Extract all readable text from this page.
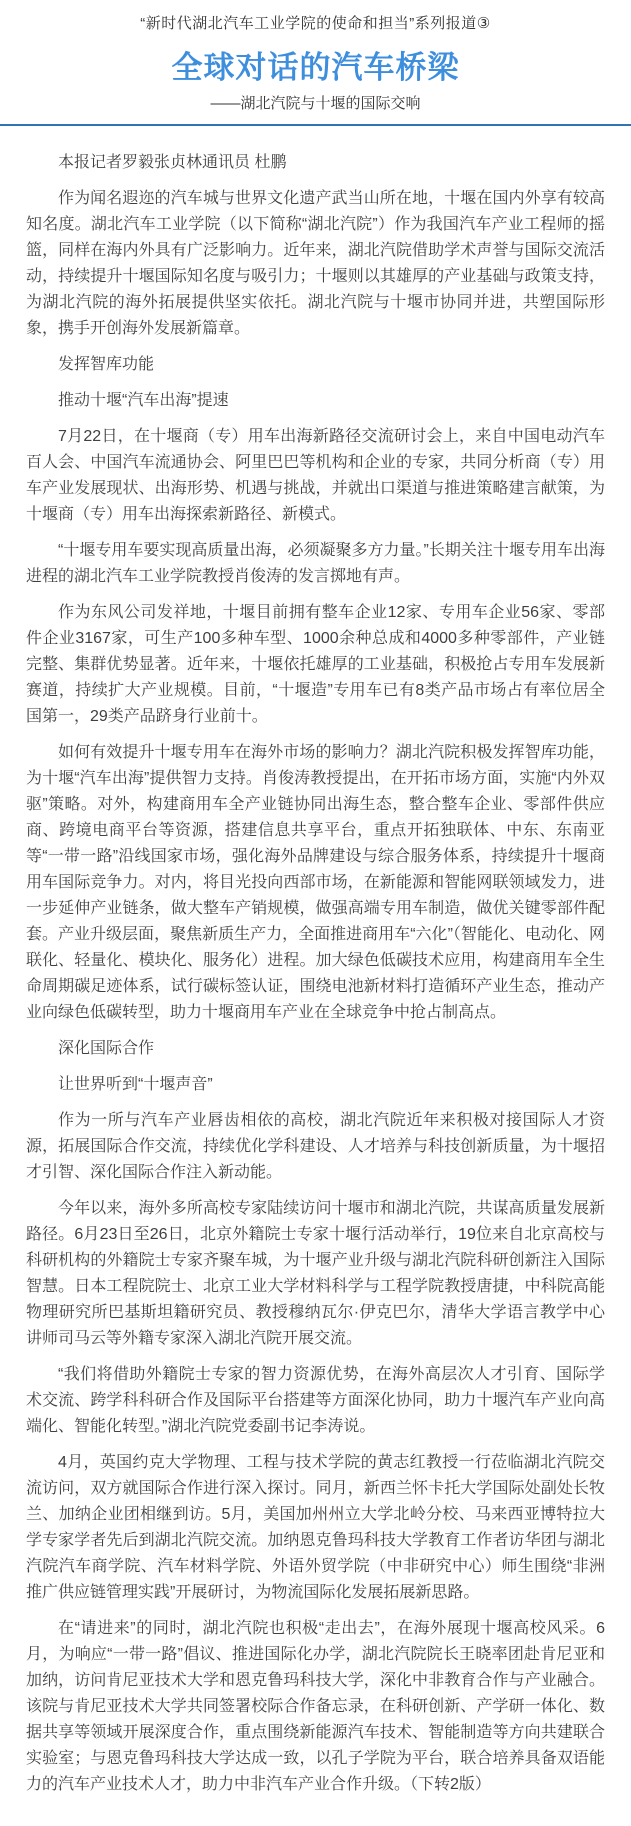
“新时代湖北汽车工业学院的使命和担当”系列报道③
全球对话的汽车桥梁
——湖北汽院与十堰的国际交响

本报记者罗毅张贞林通讯员 杜鹏

作为闻名遐迩的汽车城与世界文化遗产武当山所在地，十堰在国内外享有较高知名度。湖北汽车工业学院（以下简称“湖北汽院”）作为我国汽车产业工程师的摇篮，同样在海内外具有广泛影响力。近年来，湖北汽院借助学术声誉与国际交流活动，持续提升十堰国际知名度与吸引力；十堰则以其雄厚的产业基础与政策支持，为湖北汽院的海外拓展提供坚实依托。湖北汽院与十堰市协同并进，共塑国际形象，携手开创海外发展新篇章。

发挥智库功能

推动十堰“汽车出海”提速

7月22日，在十堰商（专）用车出海新路径交流研讨会上，来自中国电动汽车百人会、中国汽车流通协会、阿里巴巴等机构和企业的专家，共同分析商（专）用车产业发展现状、出海形势、机遇与挑战，并就出口渠道与推进策略建言献策，为十堰商（专）用车出海探索新路径、新模式。

“十堰专用车要实现高质量出海，必须凝聚多方力量。”长期关注十堰专用车出海进程的湖北汽车工业学院教授肖俊涛的发言掷地有声。

作为东风公司发祥地，十堰目前拥有整车企业12家、专用车企业56家、零部件企业3167家，可生产100多种车型、1000余种总成和4000多种零部件，产业链完整、集群优势显著。近年来，十堰依托雄厚的工业基础，积极抢占专用车发展新赛道，持续扩大产业规模。目前，“十堰造”专用车已有8类产品市场占有率位居全国第一，29类产品跻身行业前十。

如何有效提升十堰专用车在海外市场的影响力？湖北汽院积极发挥智库功能，为十堰“汽车出海”提供智力支持。肖俊涛教授提出，在开拓市场方面，实施“内外双驱”策略。对外，构建商用车全产业链协同出海生态，整合整车企业、零部件供应商、跨境电商平台等资源，搭建信息共享平台，重点开拓独联体、中东、东南亚等“一带一路”沿线国家市场，强化海外品牌建设与综合服务体系，持续提升十堰商用车国际竞争力。对内，将目光投向西部市场，在新能源和智能网联领域发力，进一步延伸产业链条，做大整车产销规模，做强高端专用车制造，做优关键零部件配套。产业升级层面，聚焦新质生产力，全面推进商用车“六化”（智能化、电动化、网联化、轻量化、模块化、服务化）进程。加大绿色低碳技术应用，构建商用车全生命周期碳足迹体系，试行碳标签认证，围绕电池新材料打造循环产业生态，推动产业向绿色低碳转型，助力十堰商用车产业在全球竞争中抢占制高点。

深化国际合作

让世界听到“十堰声音”

作为一所与汽车产业唇齿相依的高校，湖北汽院近年来积极对接国际人才资源，拓展国际合作交流，持续优化学科建设、人才培养与科技创新质量，为十堰招才引智、深化国际合作注入新动能。

今年以来，海外多所高校专家陆续访问十堰市和湖北汽院，共谋高质量发展新路径。6月23日至26日，北京外籍院士专家十堰行活动举行，19位来自北京高校与科研机构的外籍院士专家齐聚车城，为十堰产业升级与湖北汽院科研创新注入国际智慧。日本工程院院士、北京工业大学材料科学与工程学院教授唐捷，中科院高能物理研究所巴基斯坦籍研究员、教授穆纳瓦尔·伊克巴尔，清华大学语言教学中心讲师司马云等外籍专家深入湖北汽院开展交流。

“我们将借助外籍院士专家的智力资源优势，在海外高层次人才引育、国际学术交流、跨学科科研合作及国际平台搭建等方面深化协同，助力十堰汽车产业向高端化、智能化转型。”湖北汽院党委副书记李涛说。

4月，英国约克大学物理、工程与技术学院的黄志红教授一行莅临湖北汽院交流访问，双方就国际合作进行深入探讨。同月，新西兰怀卡托大学国际处副处长牧兰、加纳企业团相继到访。5月，美国加州州立大学北岭分校、马来西亚博特拉大学专家学者先后到湖北汽院交流。加纳恩克鲁玛科技大学教育工作者访华团与湖北汽院汽车商学院、汽车材料学院、外语外贸学院（中非研究中心）师生围绕“非洲推广供应链管理实践”开展研讨，为物流国际化发展拓展新思路。

在“请进来”的同时，湖北汽院也积极“走出去”，在海外展现十堰高校风采。6月，为响应“一带一路”倡议、推进国际化办学，湖北汽院院长王晓率团赴肯尼亚和加纳，访问肯尼亚技术大学和恩克鲁玛科技大学，深化中非教育合作与产业融合。该院与肯尼亚技术大学共同签署校际合作备忘录，在科研创新、产学研一体化、数据共享等领域开展深度合作，重点围绕新能源汽车技术、智能制造等方向共建联合实验室；与恩克鲁玛科技大学达成一致，以孔子学院为平台，联合培养具备双语能力的汽车产业技术人才，助力中非汽车产业合作升级。（下转2版）
